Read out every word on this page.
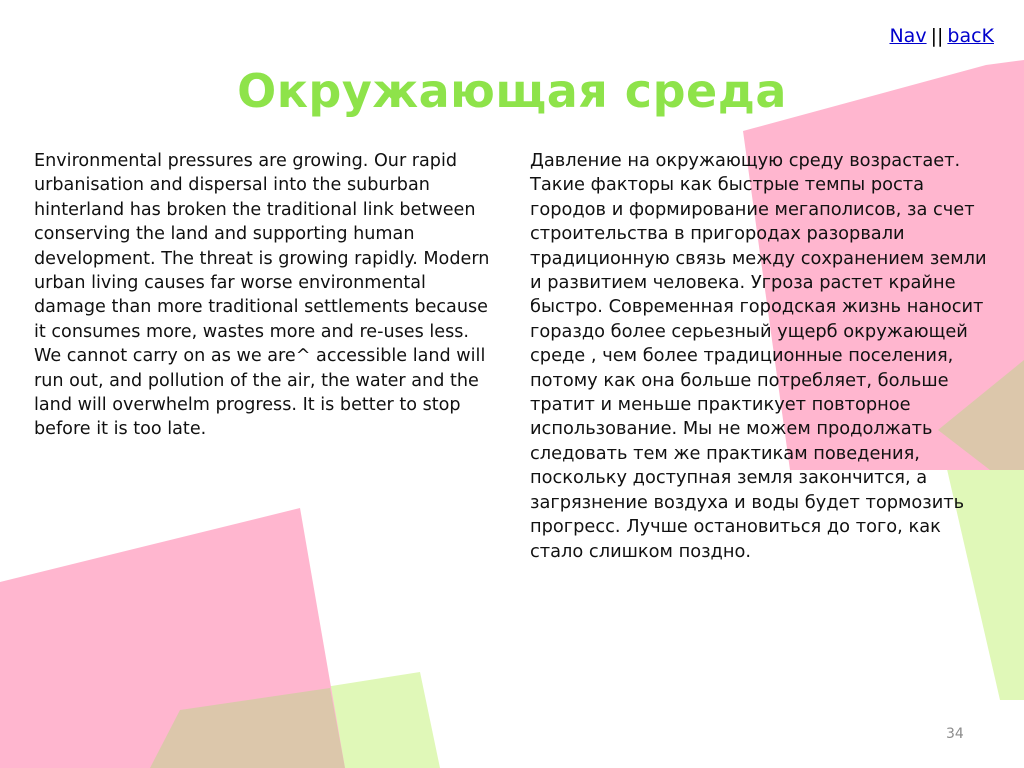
Nav || bacK
Окружающая среда

Environmental pressures are growing. Our rapid urbanisation and dispersal into the suburban hinterland has broken the traditional link between conserving the land and supporting human development. The threat is growing rapidly. Modern urban living causes far worse environmental damage than more traditional settlements because it consumes more, wastes more and re-uses less. We cannot carry on as we are^ accessible land will run out, and pollution of the air, the water and the land will overwhelm progress. It is better to stop before it is too late.

Давление на окружающую среду возрастает. Такие факторы как быстрые темпы роста городов и формирование мегаполисов, за счет строительства в пригородах разорвали традиционную связь между сохранением земли и развитием человека. Угроза растет крайне быстро. Современная городская жизнь наносит гораздо более серьезный ущерб окружающей среде , чем более традиционные поселения, потому как она больше потребляет, больше тратит и меньше практикует повторное использование. Мы не можем продолжать следовать тем же практикам поведения, поскольку доступная земля закончится, а загрязнение воздуха и воды будет тормозить прогресс. Лучше остановиться до того, как стало слишком поздно.

34
